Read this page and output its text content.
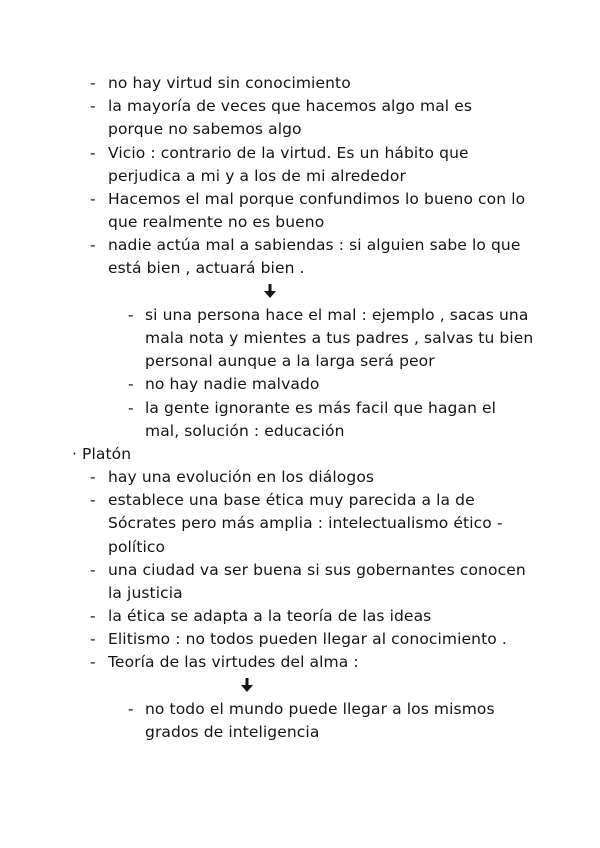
- no hay virtud sin conocimiento
- la mayoría de veces que hacemos algo mal es
porque no sabemos algo
- Vicio : contrario de la virtud. Es un hábito que
perjudica a mi y a los de mi alrededor
- Hacemos el mal porque confundimos lo bueno con lo
que realmente no es bueno
- nadie actúa mal a sabiendas : si alguien sabe lo que
está bien , actuará bien .
- si una persona hace el mal : ejemplo , sacas una
mala nota y mientes a tus padres , salvas tu bien
personal aunque a la larga será peor
- no hay nadie malvado
- la gente ignorante es más facil que hagan el
mal, solución : educación
· Platón
- hay una evolución en los diálogos
- establece una base ética muy parecida a la de
Sócrates pero más amplia : intelectualismo ético -
político
- una ciudad va ser buena si sus gobernantes conocen
la justicia
- la ética se adapta a la teoría de las ideas
- Elitismo : no todos pueden llegar al conocimiento .
- Teoría de las virtudes del alma :
- no todo el mundo puede llegar a los mismos
grados de inteligencia
